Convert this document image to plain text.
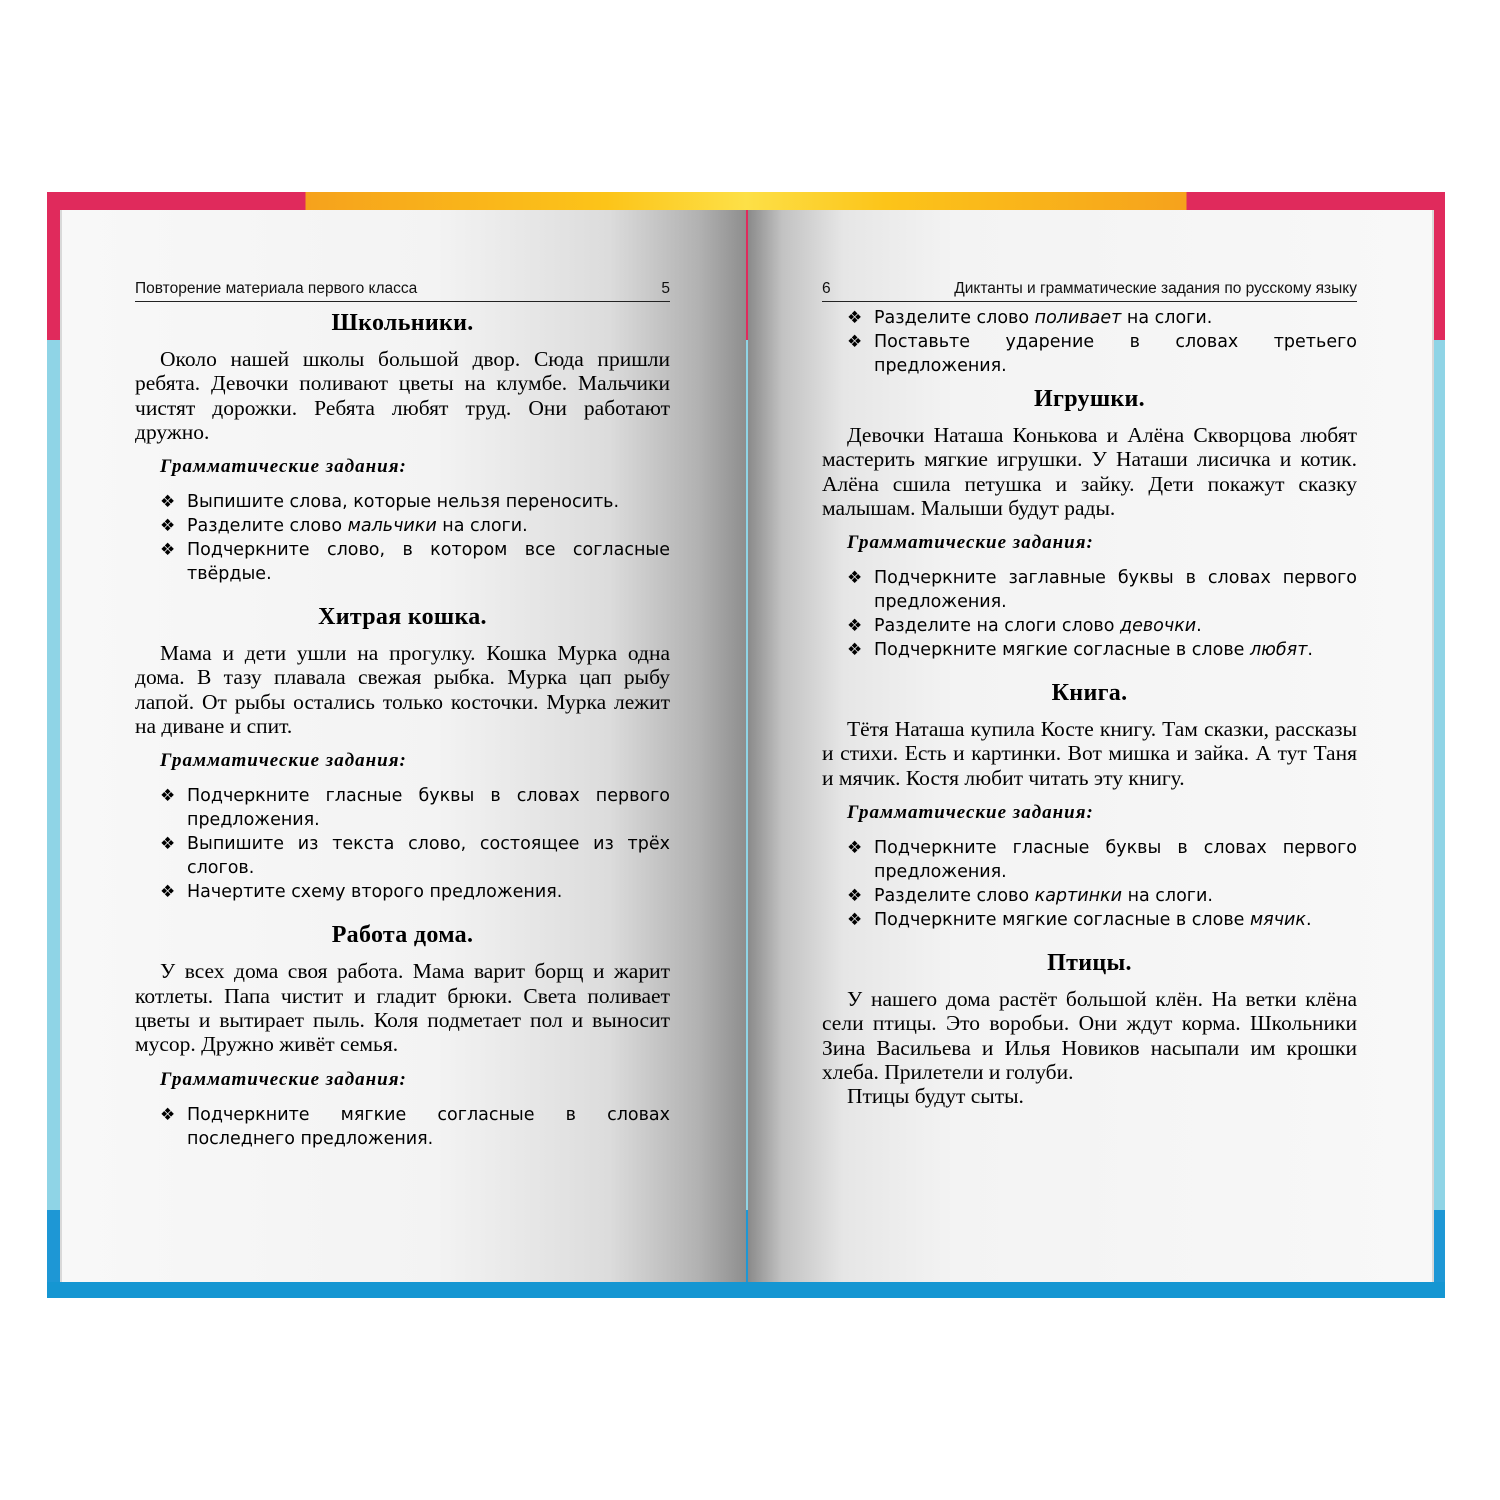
Повторение материала первого класса	5
Школьники.

Около нашей школы большой двор. Сюда пришли ребята. Девочки поливают цветы на клумбе. Мальчики чистят дорожки. Ребята любят труд. Они работают дружно.

Грамматические задания:
❖ Выпишите слова, которые нельзя переносить.
❖ Разделите слово мальчики на слоги.
❖ Подчеркните слово, в котором все согласные твёрдые.
Хитрая кошка.

Мама и дети ушли на прогулку. Кошка Мурка одна дома. В тазу плавала свежая рыбка. Мурка цап рыбу лапой. От рыбы остались только косточки. Мурка лежит на диване и спит.

Грамматические задания:
❖ Подчеркните гласные буквы в словах первого предложения.
❖ Выпишите из текста слово, состоящее из трёх слогов.
❖ Начертите схему второго предложения.
Работа дома.

У всех дома своя работа. Мама варит борщ и жарит котлеты. Папа чистит и гладит брюки. Света поливает цветы и вытирает пыль. Коля подметает пол и выносит мусор. Дружно живёт семья.

Грамматические задания:
❖ Подчеркните мягкие согласные в словах последнего предложения.
6	Диктанты и грамматические задания по русскому языку
❖ Разделите слово поливает на слоги.
❖ Поставьте ударение в словах третьего предложения.
Игрушки.

Девочки Наташа Конькова и Алёна Скворцова любят мастерить мягкие игрушки. У Наташи лисичка и котик. Алёна сшила петушка и зайку. Дети покажут сказку малышам. Малыши будут рады.

Грамматические задания:
❖ Подчеркните заглавные буквы в словах первого предложения.
❖ Разделите на слоги слово девочки.
❖ Подчеркните мягкие согласные в слове любят.
Книга.

Тётя Наташа купила Косте книгу. Там сказки, рассказы и стихи. Есть и картинки. Вот мишка и зайка. А тут Таня и мячик. Костя любит читать эту книгу.

Грамматические задания:
❖ Подчеркните гласные буквы в словах первого предложения.
❖ Разделите слово картинки на слоги.
❖ Подчеркните мягкие согласные в слове мячик.
Птицы.

У нашего дома растёт большой клён. На ветки клёна сели птицы. Это воробьи. Они ждут корма. Школьники Зина Васильева и Илья Новиков насыпали им крошки хлеба. Прилетели и голуби.

Птицы будут сыты.
